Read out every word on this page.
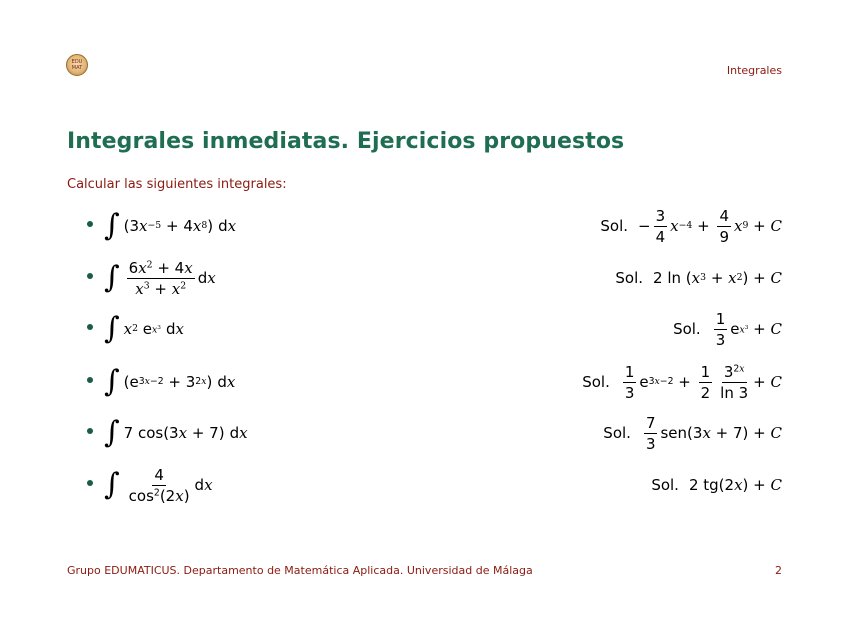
EDU
MAT	Integrales
Integrales inmediatas. Ejercicios propuestos
Calcular las siguientes integrales:
∫ (3 x −5 + 4 x 8 ) d x	Sol. − $\frac{3}{4}$ $x -4 + \frac{4}{9}$ x 9 + C
∫ $\frac{6x^2 + 4x}{x^3 + x^2}$ d x	Sol. 2 ln ( x 3 + x 2 ) + C
∫ x 2 e $x^3$ d x	Sol. $\frac{1}{3}$ e $x^3 + C$
∫ (e 3x−2 + 3 2x ) d x	Sol. $\frac{1}{3}$ e $3x-2 + \frac{1}{2} \frac{3^{2x}}{\ln 3} + C$
∫ 7 cos(3 x + 7) d x	Sol. $\frac{7}{3} sen(3$ x + 7) + C
∫ $\frac{4}{\cos^2(2x)}$ d x	Sol. 2 tg(2 x ) + C
Grupo EDUMATICUS. Departamento de Matemática Aplicada. Universidad de Málaga	2
